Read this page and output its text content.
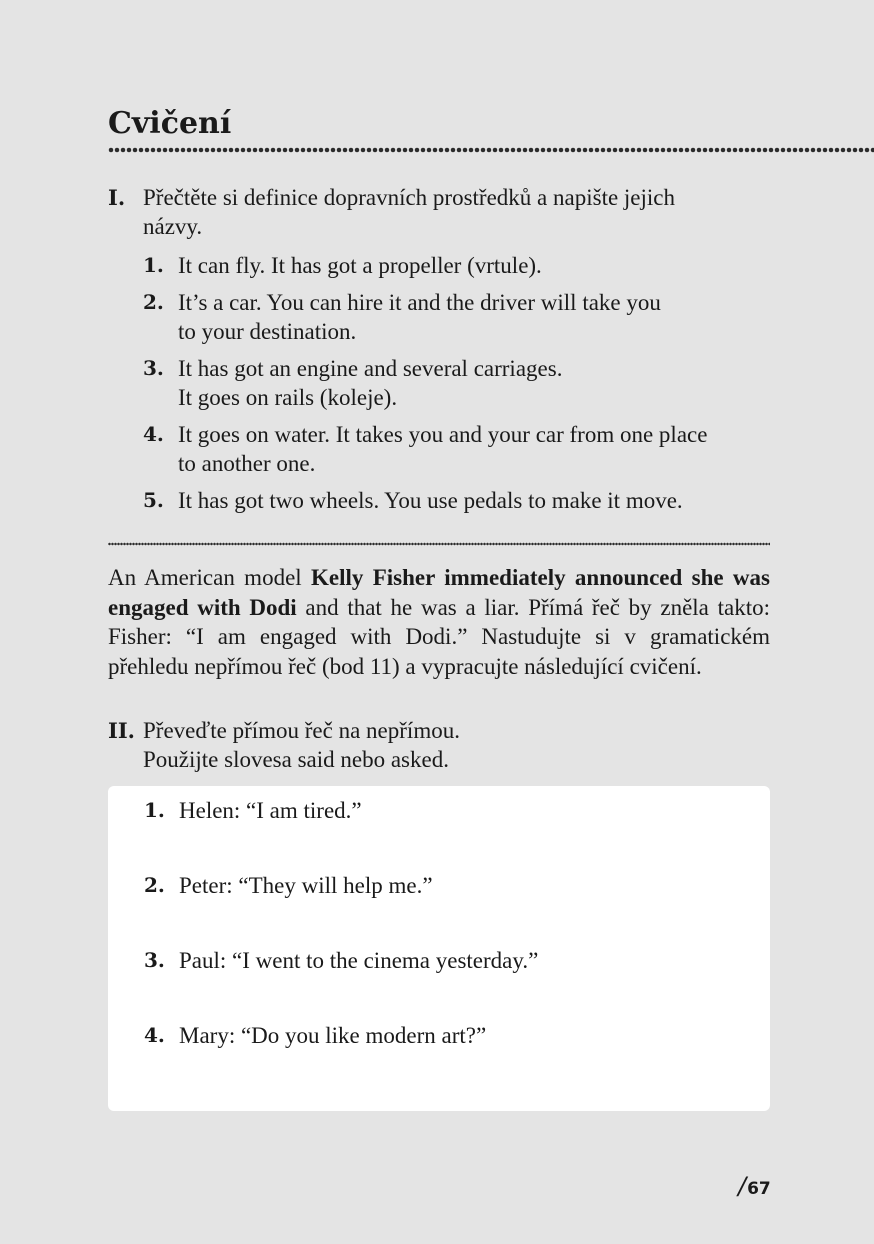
Cvičení
I. Přečtěte si definice dopravních prostředků a napište jejich
názvy.
1. It can fly. It has got a propeller (vrtule).
2. It’s a car. You can hire it and the driver will take you
to your destination.
3. It has got an engine and several carriages.
It goes on rails (koleje).
4. It goes on water. It takes you and your car from one place
to another one.
5. It has got two wheels. You use pedals to make it move.

An American model Kelly Fisher immediately announced she was engaged with Dodi and that he was a liar. Přímá řeč by zněla takto: Fisher: “I am engaged with Dodi.” Nastudujte si v gramatickém přehledu nepřímou řeč (bod 11) a vypracujte následující cvičení.

II. Převeďte přímou řeč na nepřímou.
Použijte slovesa said nebo asked.
1. Helen: “I am tired.”
2. Peter: “They will help me.”
3. Paul: “I went to the cinema yesterday.”
4. Mary: “Do you like modern art?”
/67
